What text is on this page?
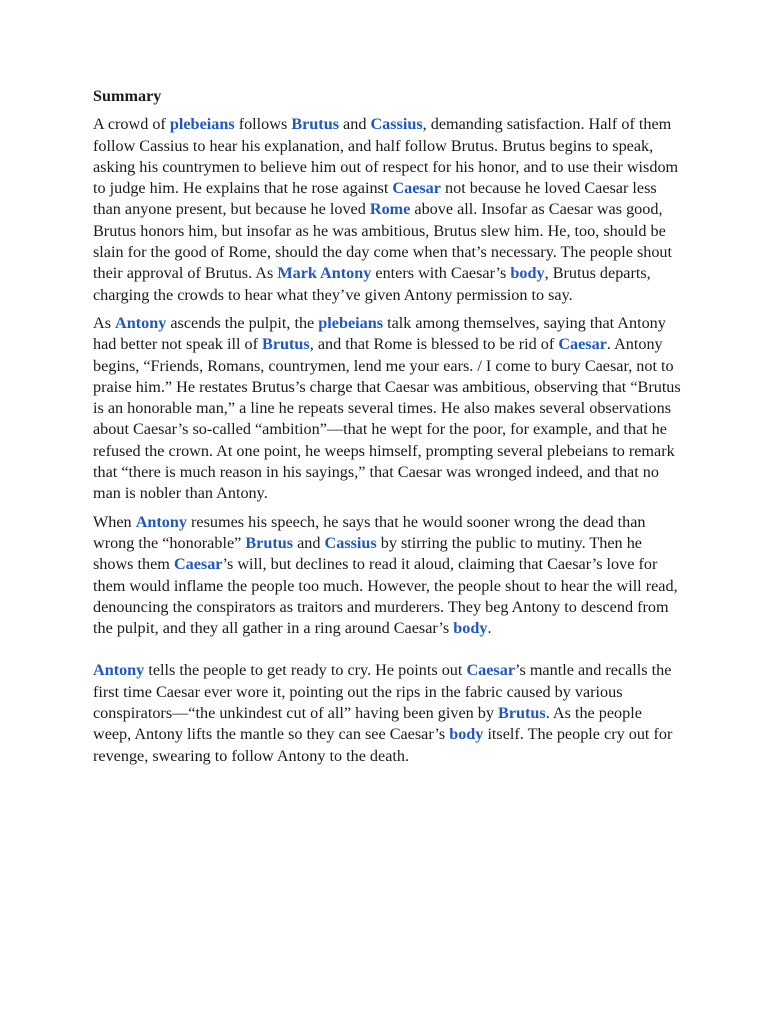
Summary

A crowd of plebeians follows Brutus and Cassius, demanding satisfaction. Half of them follow Cassius to hear his explanation, and half follow Brutus. Brutus begins to speak, asking his countrymen to believe him out of respect for his honor, and to use their wisdom to judge him. He explains that he rose against Caesar not because he loved Caesar less than anyone present, but because he loved Rome above all. Insofar as Caesar was good, Brutus honors him, but insofar as he was ambitious, Brutus slew him. He, too, should be slain for the good of Rome, should the day come when that’s necessary. The people shout their approval of Brutus. As Mark Antony enters with Caesar’s body, Brutus departs, charging the crowds to hear what they’ve given Antony permission to say.

As Antony ascends the pulpit, the plebeians talk among themselves, saying that Antony had better not speak ill of Brutus, and that Rome is blessed to be rid of Caesar. Antony begins, “Friends, Romans, countrymen, lend me your ears. / I come to bury Caesar, not to praise him.” He restates Brutus’s charge that Caesar was ambitious, observing that “Brutus is an honorable man,” a line he repeats several times. He also makes several observations about Caesar’s so-called “ambition”—that he wept for the poor, for example, and that he refused the crown. At one point, he weeps himself, prompting several plebeians to remark that “there is much reason in his sayings,” that Caesar was wronged indeed, and that no man is nobler than Antony.

When Antony resumes his speech, he says that he would sooner wrong the dead than wrong the “honorable” Brutus and Cassius by stirring the public to mutiny. Then he shows them Caesar’s will, but declines to read it aloud, claiming that Caesar’s love for them would inflame the people too much. However, the people shout to hear the will read, denouncing the conspirators as traitors and murderers. They beg Antony to descend from the pulpit, and they all gather in a ring around Caesar’s body.

Antony tells the people to get ready to cry. He points out Caesar’s mantle and recalls the first time Caesar ever wore it, pointing out the rips in the fabric caused by various conspirators—“the unkindest cut of all” having been given by Brutus. As the people weep, Antony lifts the mantle so they can see Caesar’s body itself. The people cry out for revenge, swearing to follow Antony to the death.
